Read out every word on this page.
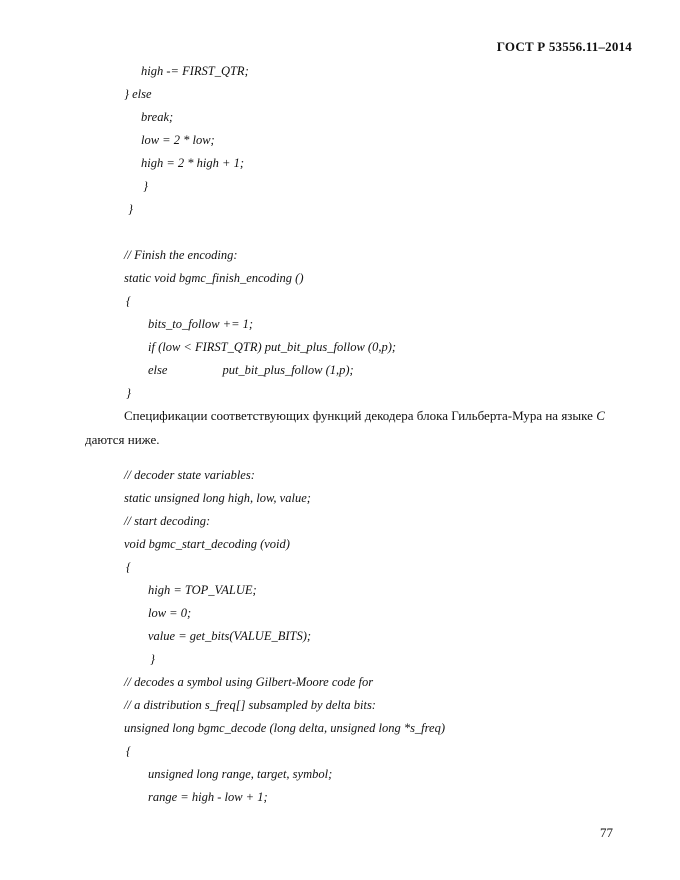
ГОСТ Р 53556.11–2014
high -= FIRST_QTR;
} else
break;
low = 2 * low;
high = 2 * high + 1;
}
}
// Finish the encoding:
static void bgmc_finish_encoding ()
{
bits_to_follow += 1;
if (low < FIRST_QTR) put_bit_plus_follow (0,p);
else	put_bit_plus_follow (1,p);
}
Спецификации соответствующих функций декодера блока Гильберта-Мура на языке C
даются ниже.
// decoder state variables:
static unsigned long high, low, value;
// start decoding:
void bgmc_start_decoding (void)
{
high = TOP_VALUE;
low = 0;
value = get_bits(VALUE_BITS);
}
// decodes a symbol using Gilbert-Moore code for
// a distribution s_freq[] subsampled by delta bits:
unsigned long bgmc_decode (long delta, unsigned long *s_freq)
{
unsigned long range, target, symbol;
range = high - low + 1;
77
